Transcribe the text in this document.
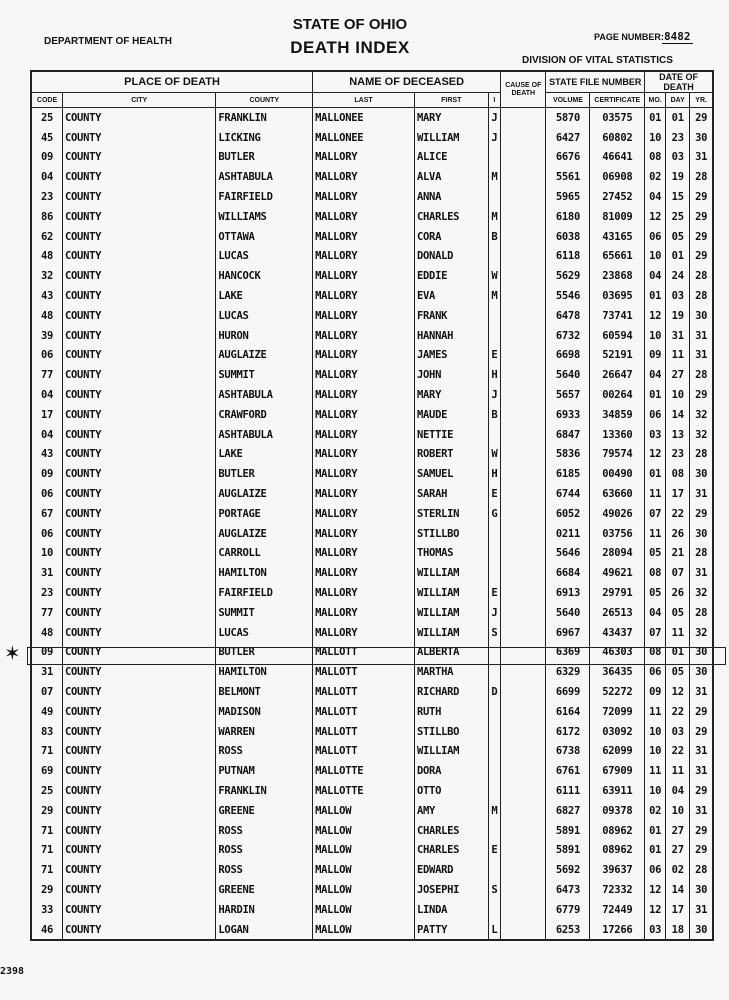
DEPARTMENT OF HEALTH
STATE OF OHIO
DEATH INDEX
PAGE NUMBER: 8482
DIVISION OF VITAL STATISTICS
PLACE OF DEATH			NAME OF DECEASED			CAUSE OF DEATH	STATE FILE NUMBER		DATE OF DEATH		
CODE	CITY	COUNTY	LAST	FIRST	I		VOLUME	CERTIFICATE	MO.	DAY	YR.
25	COUNTY	FRANKLIN	MALLONEE	MARY	J		5870	03575	01	01	29
45	COUNTY	LICKING	MALLONEE	WILLIAM	J		6427	60802	10	23	30
09	COUNTY	BUTLER	MALLORY	ALICE			6676	46641	08	03	31
04	COUNTY	ASHTABULA	MALLORY	ALVA	M		5561	06908	02	19	28
23	COUNTY	FAIRFIELD	MALLORY	ANNA			5965	27452	04	15	29
86	COUNTY	WILLIAMS	MALLORY	CHARLES	M		6180	81009	12	25	29
62	COUNTY	OTTAWA	MALLORY	CORA	B		6038	43165	06	05	29
48	COUNTY	LUCAS	MALLORY	DONALD			6118	65661	10	01	29
32	COUNTY	HANCOCK	MALLORY	EDDIE	W		5629	23868	04	24	28
43	COUNTY	LAKE	MALLORY	EVA	M		5546	03695	01	03	28
48	COUNTY	LUCAS	MALLORY	FRANK			6478	73741	12	19	30
39	COUNTY	HURON	MALLORY	HANNAH			6732	60594	10	31	31
06	COUNTY	AUGLAIZE	MALLORY	JAMES	E		6698	52191	09	11	31
77	COUNTY	SUMMIT	MALLORY	JOHN	H		5640	26647	04	27	28
04	COUNTY	ASHTABULA	MALLORY	MARY	J		5657	00264	01	10	29
17	COUNTY	CRAWFORD	MALLORY	MAUDE	B		6933	34859	06	14	32
04	COUNTY	ASHTABULA	MALLORY	NETTIE			6847	13360	03	13	32
43	COUNTY	LAKE	MALLORY	ROBERT	W		5836	79574	12	23	28
09	COUNTY	BUTLER	MALLORY	SAMUEL	H		6185	00490	01	08	30
06	COUNTY	AUGLAIZE	MALLORY	SARAH	E		6744	63660	11	17	31
67	COUNTY	PORTAGE	MALLORY	STERLIN	G		6052	49026	07	22	29
06	COUNTY	AUGLAIZE	MALLORY	STILLBO			0211	03756	11	26	30
10	COUNTY	CARROLL	MALLORY	THOMAS			5646	28094	05	21	28
31	COUNTY	HAMILTON	MALLORY	WILLIAM			6684	49621	08	07	31
23	COUNTY	FAIRFIELD	MALLORY	WILLIAM	E		6913	29791	05	26	32
77	COUNTY	SUMMIT	MALLORY	WILLIAM	J		5640	26513	04	05	28
48	COUNTY	LUCAS	MALLORY	WILLIAM	S		6967	43437	07	11	32
09	COUNTY	BUTLER	MALLOTT	ALBERTA			6369	46303	08	01	30
31	COUNTY	HAMILTON	MALLOTT	MARTHA			6329	36435	06	05	30
07	COUNTY	BELMONT	MALLOTT	RICHARD	D		6699	52272	09	12	31
49	COUNTY	MADISON	MALLOTT	RUTH			6164	72099	11	22	29
83	COUNTY	WARREN	MALLOTT	STILLBO			6172	03092	10	03	29
71	COUNTY	ROSS	MALLOTT	WILLIAM			6738	62099	10	22	31
69	COUNTY	PUTNAM	MALLOTTE	DORA			6761	67909	11	11	31
25	COUNTY	FRANKLIN	MALLOTTE	OTTO			6111	63911	10	04	29
29	COUNTY	GREENE	MALLOW	AMY	M		6827	09378	02	10	31
71	COUNTY	ROSS	MALLOW	CHARLES			5891	08962	01	27	29
71	COUNTY	ROSS	MALLOW	CHARLES	E		5891	08962	01	27	29
71	COUNTY	ROSS	MALLOW	EDWARD			5692	39637	06	02	28
29	COUNTY	GREENE	MALLOW	JOSEPHI	S		6473	72332	12	14	30
33	COUNTY	HARDIN	MALLOW	LINDA			6779	72449	12	17	31
46	COUNTY	LOGAN	MALLOW	PATTY	L		6253	17266	03	18	30
✶
2398
